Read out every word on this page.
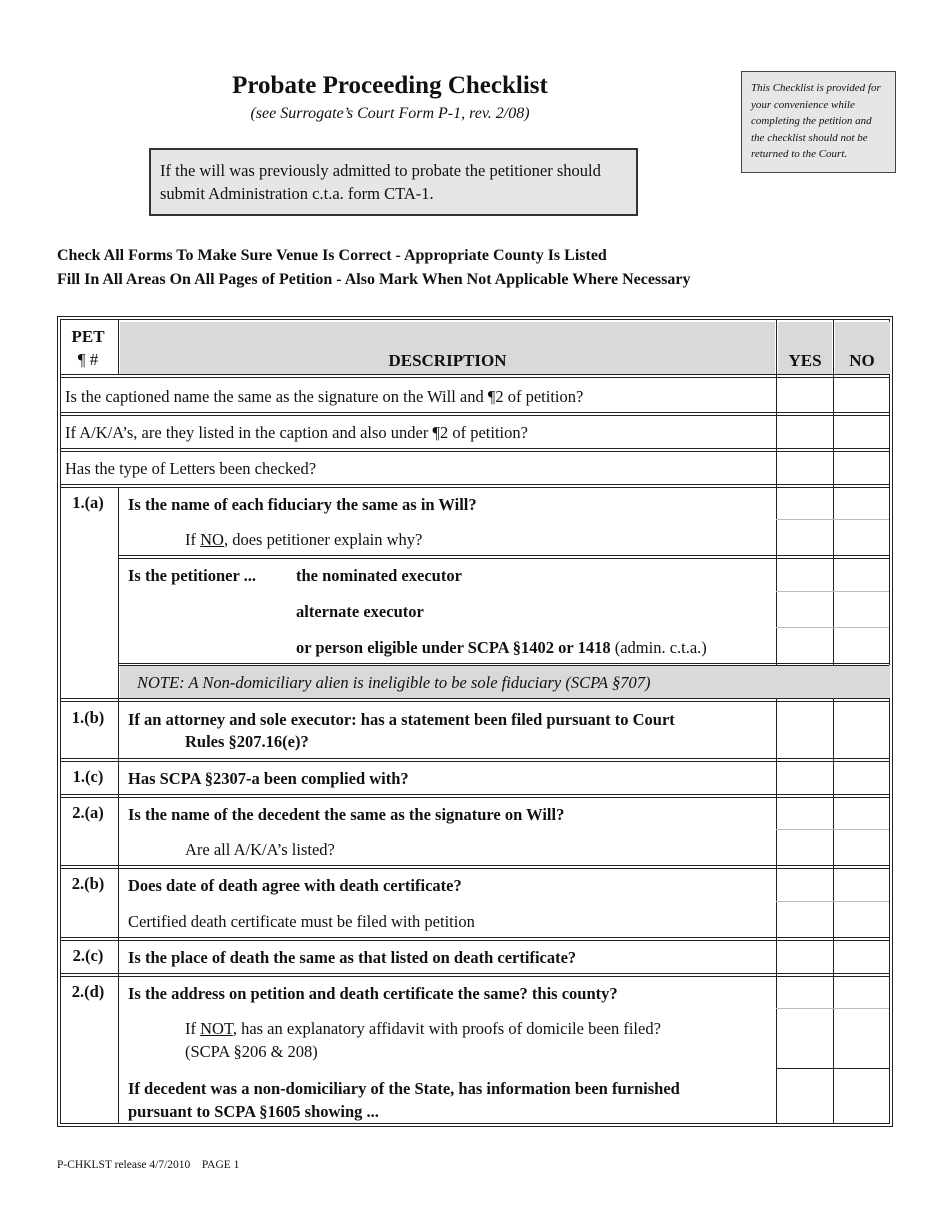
Probate Proceeding Checklist
(see Surrogate’s Court Form P-1, rev. 2/08)
This Checklist is provided for your convenience while completing the petition and the checklist should not be returned to the Court.
If the will was previously admitted to probate the petitioner should submit Administration c.t.a. form CTA-1.
Check All Forms To Make Sure Venue Is Correct - Appropriate County Is Listed
Fill In All Areas On All Pages of Petition - Also Mark When Not Applicable Where Necessary
PET
¶ #	DESCRIPTION	YES	NO
Is the captioned name the same as the signature on the Will and ¶2 of petition?
If A/K/A’s, are they listed in the caption and also under ¶2 of petition?
Has the type of Letters been checked?
1.(a)	Is the name of each fiduciary the same as in Will?
If NO, does petitioner explain why?
Is the petitioner ... the nominated executor
alternate executor
or person eligible under SCPA §1402 or 1418 (admin. c.t.a.)
NOTE: A Non-domiciliary alien is ineligible to be sole fiduciary (SCPA §707)
1.(b)	If an attorney and sole executor: has a statement been filed pursuant to Court
Rules §207.16(e)?
1.(c)	Has SCPA §2307-a been complied with?
2.(a)	Is the name of the decedent the same as the signature on Will?
Are all A/K/A’s listed?
2.(b)	Does date of death agree with death certificate?
Certified death certificate must be filed with petition
2.(c)	Is the place of death the same as that listed on death certificate?
2.(d)	Is the address on petition and death certificate the same? this county?
If NOT, has an explanatory affidavit with proofs of domicile been filed?
(SCPA §206 & 208)
If decedent was a non-domiciliary of the State, has information been furnished
pursuant to SCPA §1605 showing ...
P-CHKLST release 4/7/2010 PAGE 1
